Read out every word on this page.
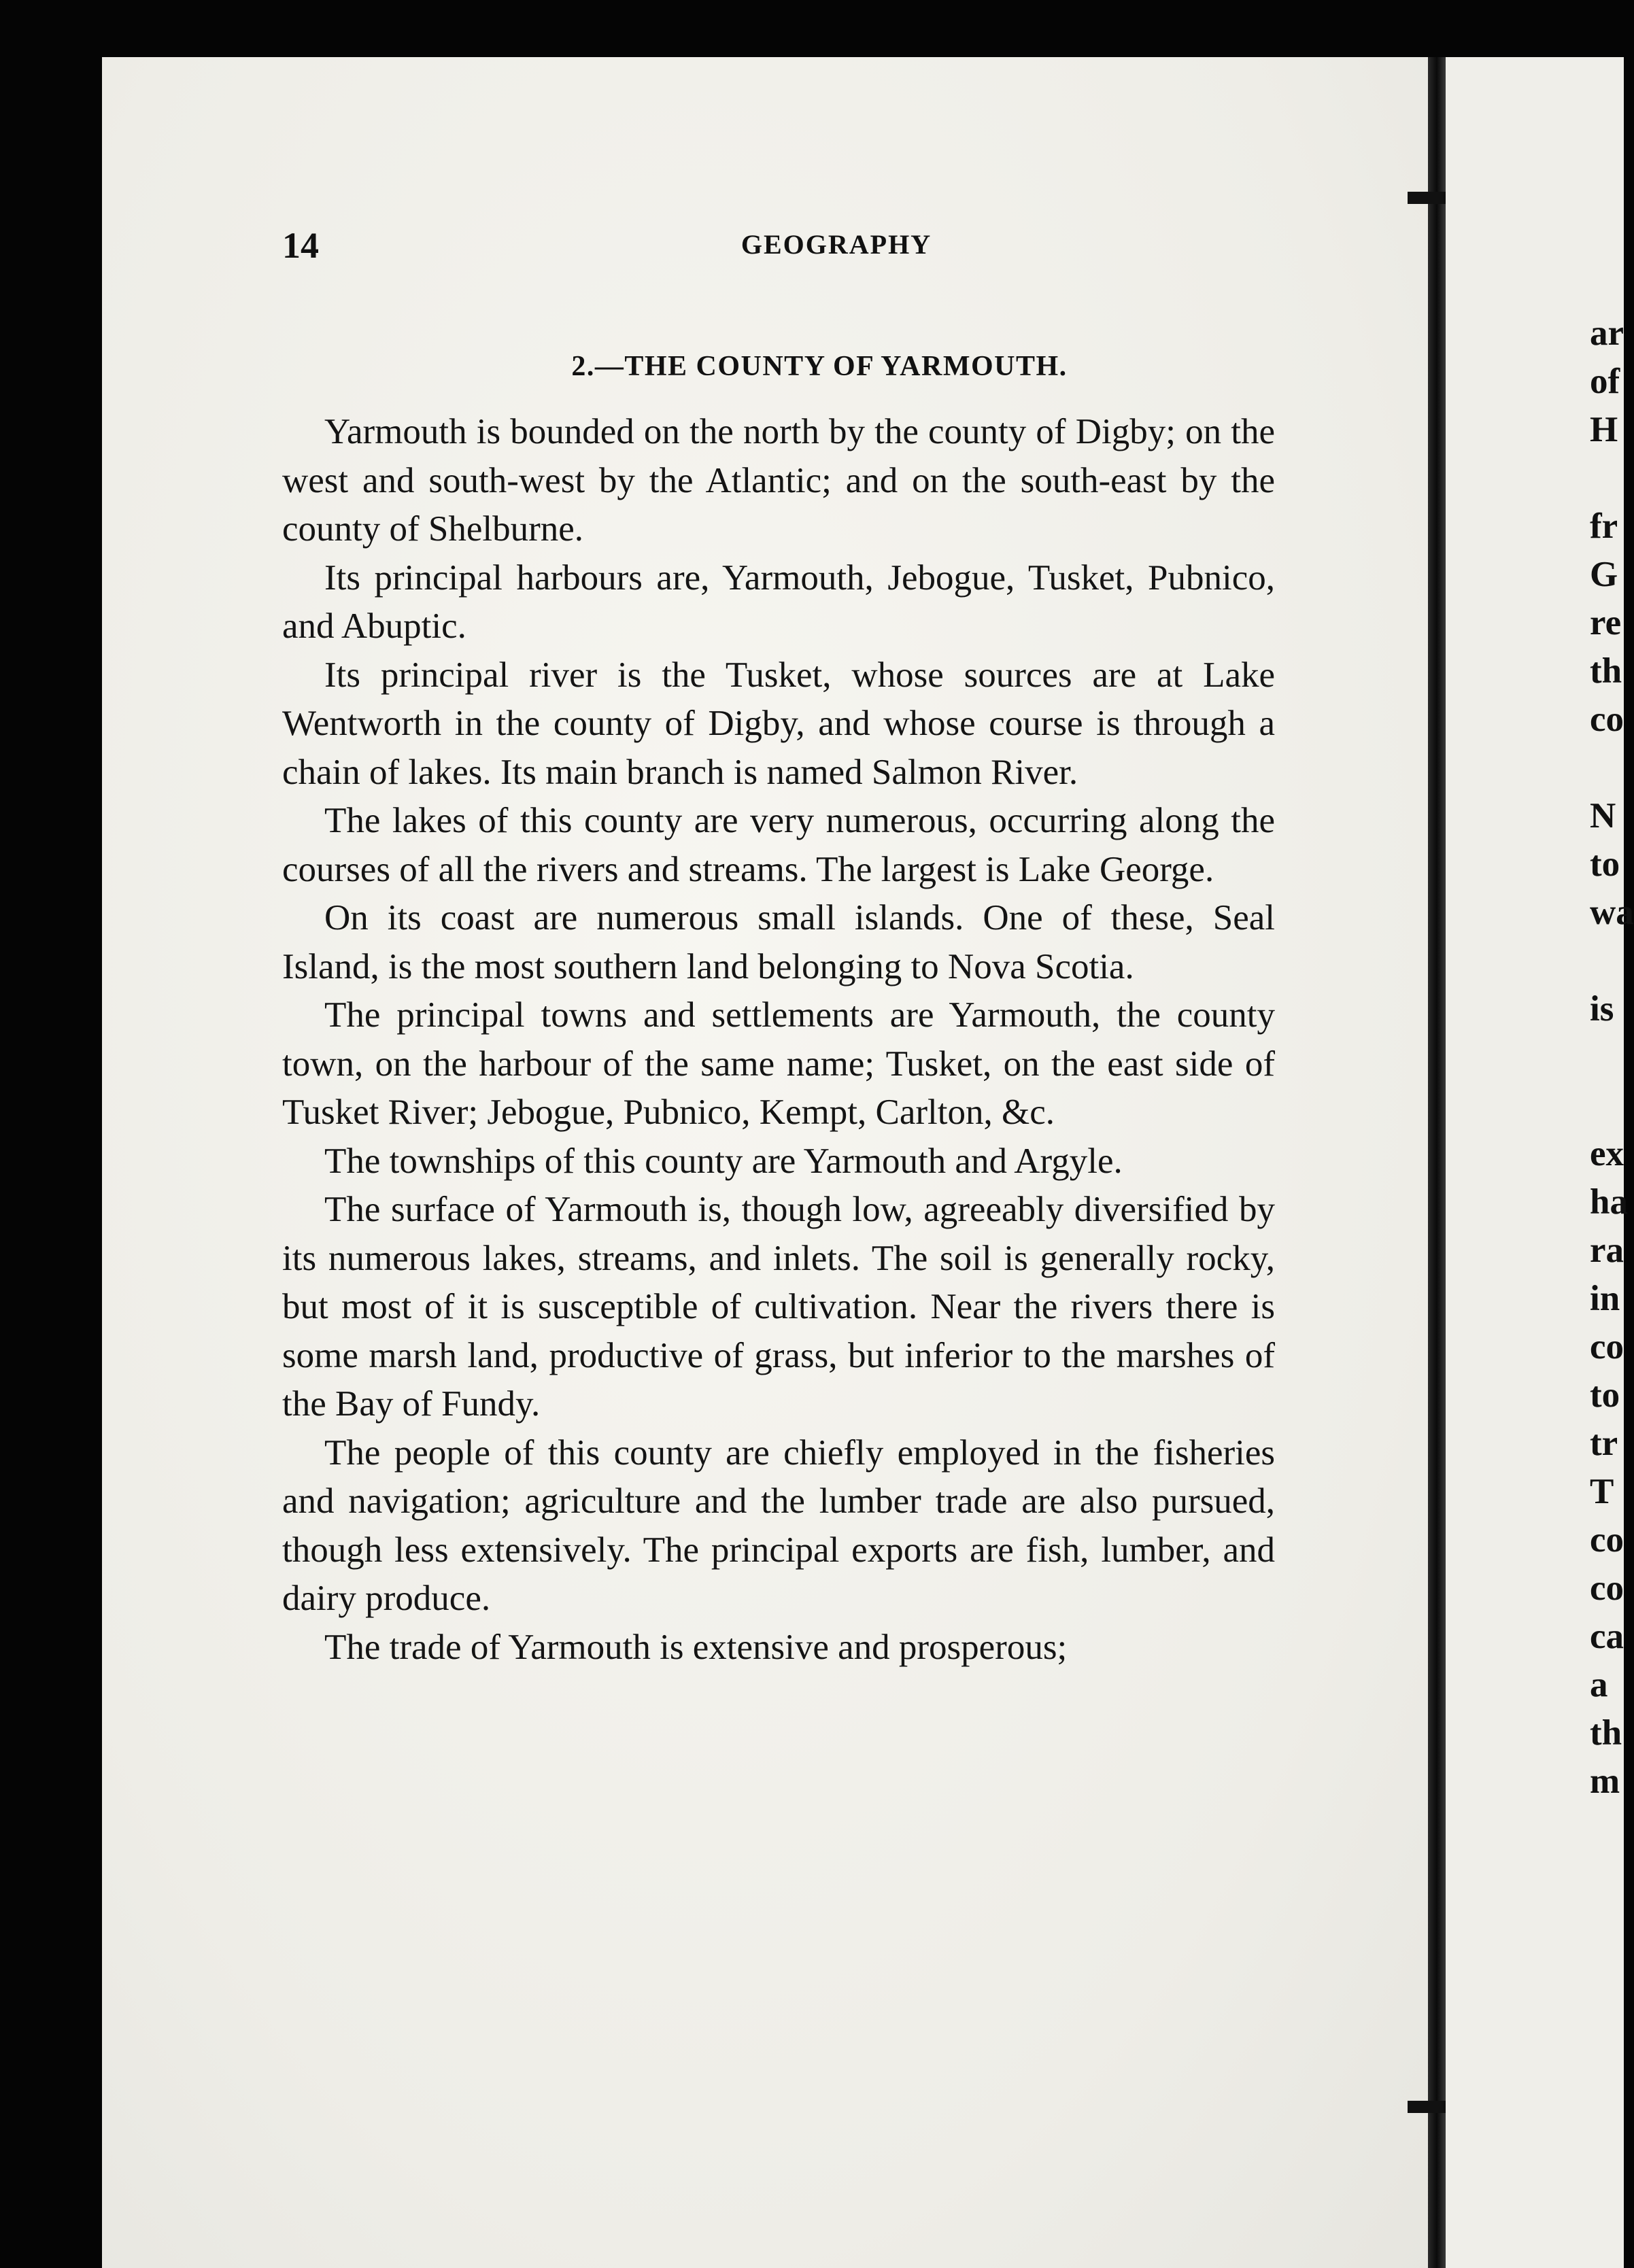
14	GEOGRAPHY
2.—THE COUNTY OF YARMOUTH.

Yarmouth is bounded on the north by the county of Digby; on the west and south-west by the Atlantic; and on the south-east by the county of Shelburne.

Its principal harbours are, Yarmouth, Jebogue, Tusket, Pubnico, and Abuptic.

Its principal river is the Tusket, whose sources are at Lake Wentworth in the county of Digby, and whose course is through a chain of lakes. Its main branch is named Salmon River.

The lakes of this county are very numerous, occurring along the courses of all the rivers and streams. The largest is Lake George.

On its coast are numerous small islands. One of these, Seal Island, is the most southern land belonging to Nova Scotia.

The principal towns and settlements are Yarmouth, the county town, on the harbour of the same name; Tusket, on the east side of Tusket River; Jebogue, Pubnico, Kempt, Carlton, &c.

The townships of this county are Yarmouth and Argyle.

The surface of Yarmouth is, though low, agreeably diversified by its numerous lakes, streams, and inlets. The soil is generally rocky, but most of it is susceptible of cultivation. Near the rivers there is some marsh land, productive of grass, but inferior to the marshes of the Bay of Fundy.

The people of this county are chiefly employed in the fisheries and navigation; agriculture and the lumber trade are also pursued, though less extensively. The principal exports are fish, lumber, and dairy produce.

The trade of Yarmouth is extensive and prosperous;

ar
of
H

fr
G
re
th
co

N
to
wa

is

ex
ha
ra
in
co
to
tr
T
co
co
ca
a
th
m
